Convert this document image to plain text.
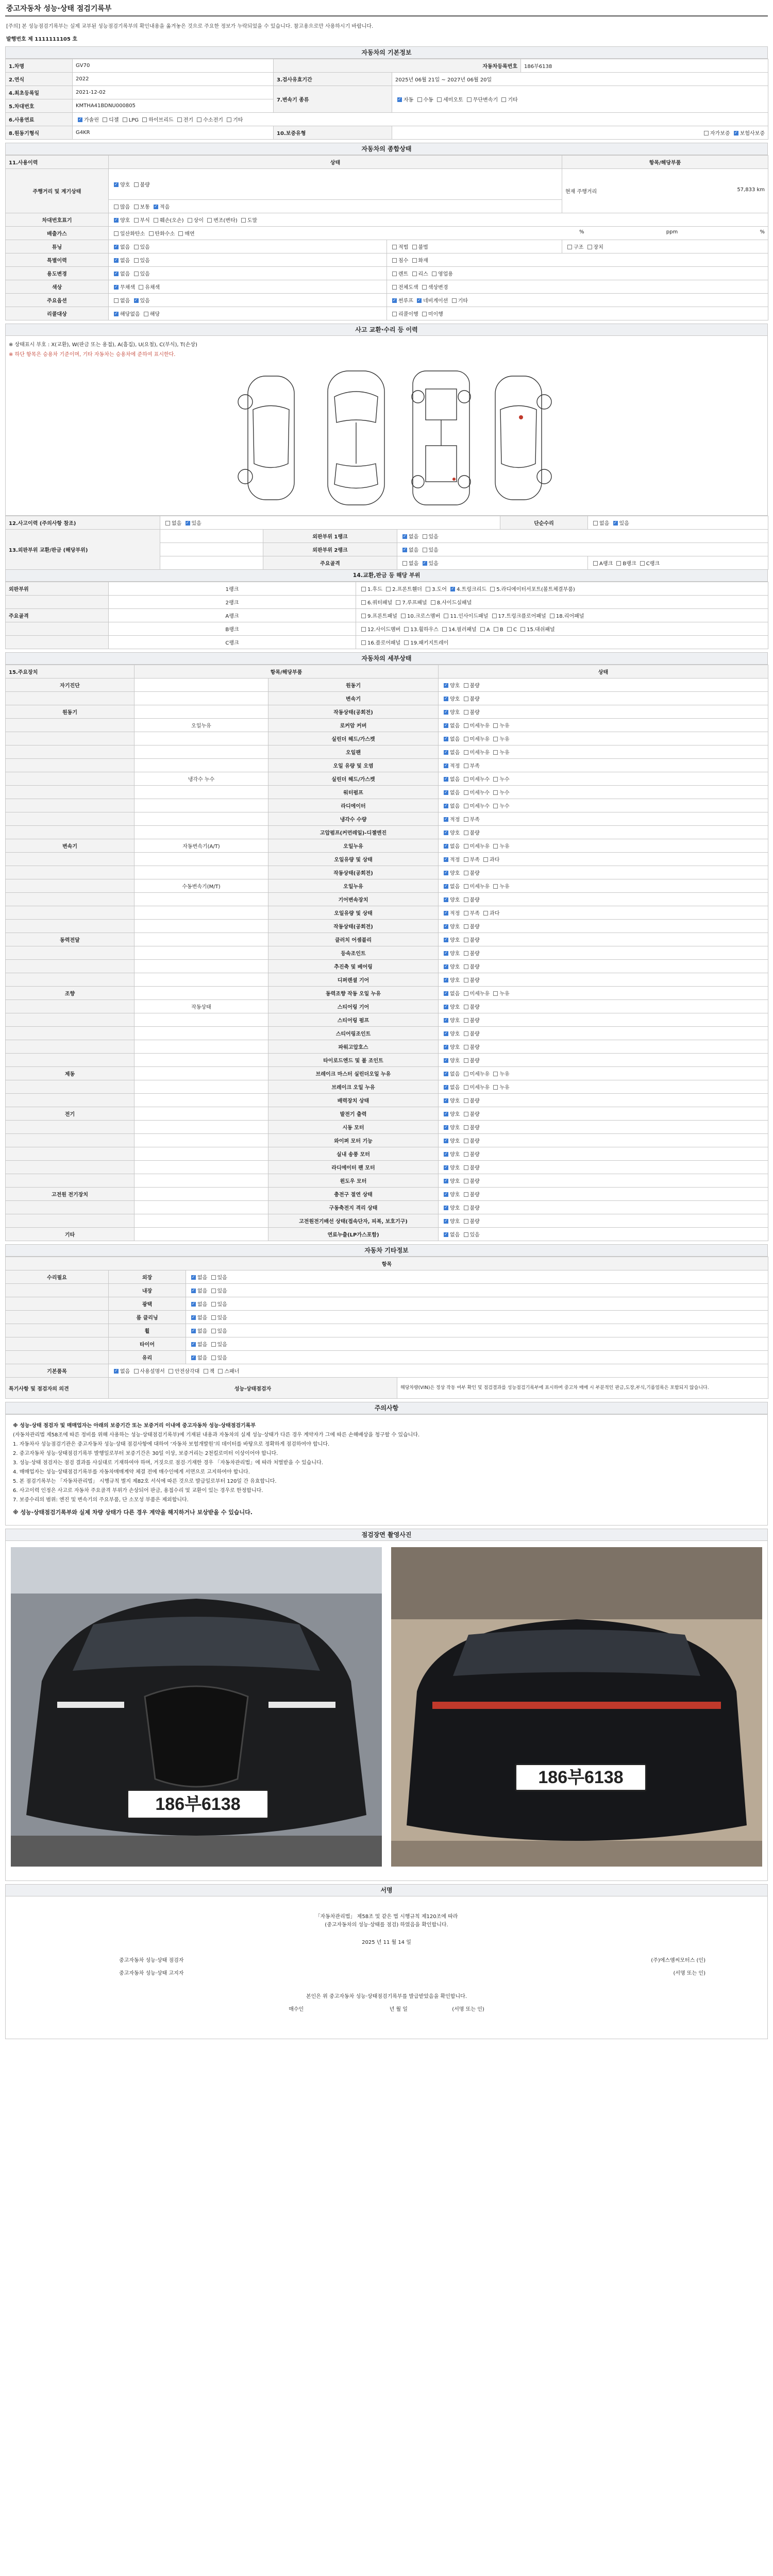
중고자동차 성능·상태 점검기록부
[주의] 본 성능점검기록부는 실제 교부된 성능점검기록부의 확인내용을 옮겨놓은 것으로 주요한 정보가 누락되었을 수 있습니다. 참고용으로만 사용하시기 바랍니다.
발행번호 제 1111111105 호
자동차의 기본정보
1.차명	GV70	자동차등록번호		186부6138
2.연식	2022	3.검사유효기간	2025년 06월 21일 ~ 2027년 06월 20일	
4.최초등록일	2021-12-02	7.변속기 종류	✓자동 수동 세미오토 무단변속기 기타
5.차대번호	KMTHA41BDNU000805			
6.사용연료	✓가솔린 디젤 LPG 하이브리드 전기 수소전기 기타
8.원동기형식	G4KR	10.보증유형	자가보증 ✓ 보험사보증
자동차의 종합상태
11.사용이력	상태		항목/해당부품
주행거리 및 계기상태	✓양호 불량		현재 주행거리 57,833 km

	많음 보통 ✓ 적음
차대번호표기	✓양호 부식 훼손(오손) 상이 변조(변타) 도말
배출가스	일산화탄소 탄화수소 매연 % ppm %		

튜닝	✓없음 있음	적법 불법	구조 장치
특별이력	✓없음 있음	침수 화재	
용도변경	✓없음 있음	렌트 리스 영업용	
색상	✓무채색 유채색	전체도색 색상변경	
주요옵션	없음 ✓ 있음	✓썬루프 ✓ 네비게이션 기타
리콜대상	✓해당없음 해당	리콜이행 미이행	
사고 교환·수리 등 이력
※ 상태표시 부호 : X(교환), W(판금 또는 용접), A(흠집), U(요철), C(부식), T(손상)
※ 하단 항목은 승용차 기준이며, 기타 자동차는 승용차에 준하여 표시한다.
12.사고이력 (주의사항 참조)	없음 ✓ 있음			단순수리	없음 ✓ 있음
13.외판부위 교환/판금 (해당부위)		외판부위 1랭크	✓없음 있음
		외판부위 2랭크	✓없음 있음
		주요골격	없음 ✓ 있음		A랭크 B랭크 C랭크
14.교환,판금 등 해당 부위
외판부위	1랭크	1.후드 2.프론트휀더 3.도어 ✓ 4.트렁크리드 5.라디에이터서포트(볼트체결부품)
	2랭크	6.쿼터패널 7.루프패널 8.사이드실패널
주요골격	A랭크	9.프론트패널 10.크로스멤버 11.인사이드패널 17.트렁크플로어패널 18.리어패널
	B랭크	12.사이드멤버 13.휠하우스 14.필러패널 A B C 15.대쉬패널
	C랭크	16.플로어패널 19.패키지트레이
자동차의 세부상태
15.주요장치	항목/해당부품		상태
자기진단		원동기	✓양호 불량
		변속기	✓양호 불량
원동기		작동상태(공회전)	✓양호 불량
	오일누유	로커암 커버	✓없음 미세누유 누유
		실린더 헤드/가스켓	✓없음 미세누유 누유
		오일팬	✓없음 미세누유 누유
		오일 유량 및 오염	✓적정 부족
	냉각수 누수	실린더 헤드/가스켓	✓없음 미세누수 누수
		워터펌프	✓없음 미세누수 누수
		라디에이터	✓없음 미세누수 누수
		냉각수 수량	✓적정 부족
		고압펌프(커먼레일)-디젤엔진	✓양호 불량
변속기	자동변속기(A/T)	오일누유	✓없음 미세누유 누유
		오일유량 및 상태	✓적정 부족 과다
		작동상태(공회전)	✓양호 불량
	수동변속기(M/T)	오일누유	✓없음 미세누유 누유
		기어변속장치	✓양호 불량
		오일유량 및 상태	✓적정 부족 과다
		작동상태(공회전)	✓양호 불량
동력전달		클러치 어셈블리	✓양호 불량
		등속조인트	✓양호 불량
		추진축 및 베어링	✓양호 불량
		디퍼렌셜 기어	✓양호 불량
조향		동력조향 작동 오일 누유	✓없음 미세누유 누유
	작동상태	스티어링 기어	✓양호 불량
		스티어링 펌프	✓양호 불량
		스티어링조인트	✓양호 불량
		파워고압호스	✓양호 불량
		타이로드엔드 및 볼 조인트	✓양호 불량
제동		브레이크 마스터 실린더오일 누유	✓없음 미세누유 누유
		브레이크 오일 누유	✓없음 미세누유 누유
		배력장치 상태	✓양호 불량
전기		발전기 출력	✓양호 불량
		시동 모터	✓양호 불량
		와이퍼 모터 기능	✓양호 불량
		실내 송풍 모터	✓양호 불량
		라디에이터 팬 모터	✓양호 불량
		윈도우 모터	✓양호 불량
고전원 전기장치		충전구 절연 상태	✓양호 불량
		구동축전지 격리 상태	✓양호 불량
		고전원전기배선 상태(접속단자, 피복, 보호기구)	✓양호 불량
기타		연료누출(LP가스포함)	✓없음 있음
자동차 기타정보
항목			
수리필요	외장	✓없음 있음
	내장	✓없음 있음
	광택	✓없음 있음
	룸 클리닝	✓없음 있음
	휠	✓없음 있음
	타이어	✓없음 있음
	유리	✓없음 있음
기본품목	✓없음 사용설명서 안전삼각대 잭 스패너
특기사항 및 점검자의 의견	성능·상태점검자		해당차량(VIN)은 정상 작동 여부 확인 및 점검결과를 성능점검기록부에 표시하며 중고차 매매 시 부분적인 판금,도장,부식,기름얼룩은 포함되지 않습니다.
주의사항

※ 성능·상태 점검자 및 매매업자는 아래의 보증기간 또는 보증거리 이내에 중고자동차 성능·상태점검기록부

(자동차관리법 제58조에 따른 정비를 위해 사용하는 성능·상태점검기록부)에 기재된 내용과 자동차의 실제 성능·상태가 다른 경우 계약자가 그에 따른 손해배상을 청구할 수 있습니다.

1. 자동차사 성능점검기관은 중고자동차 성능·상태 점검사항에 대하여 ‘자동차 보험개발원’의 데이터를 바탕으로 정확하게 점검하여야 합니다.

2. 중고자동차 성능·상태점검기록부 발행일로부터 보증기간은 30일 이상, 보증거리는 2천킬로미터 이상이어야 합니다.

3. 성능·상태 점검자는 점검 결과를 사실대로 기재하여야 하며, 거짓으로 점검·기재한 경우 「자동차관리법」에 따라 처벌받을 수 있습니다.

4. 매매업자는 성능·상태점검기록부를 자동차매매계약 체결 전에 매수인에게 서면으로 고지하여야 합니다.

5. 본 점검기록부는 「자동차관리법」 시행규칙 별지 제82호 서식에 따른 것으로 발급일로부터 120일 간 유효합니다.

6. 사고이력 인정은 사고로 자동차 주요골격 부위가 손상되어 판금, 용접수리 및 교환이 있는 경우로 한정합니다.

7. 보증수리의 범위: 엔진 및 변속기의 주요부품, 단 소모성 부품은 제외합니다.

※ 성능·상태점검기록부와 실제 차량 상태가 다른 경우 계약을 해지하거나 보상받을 수 있습니다.
점검장면 촬영사진
186부6138
186부6138
서명
「자동차관리법」 제58조 및 같은 법 시행규칙 제120조에 따라
(중고자동차의 성능·상태를 점검) 하였음을 확인합니다.
2025 년 11 월 14 일
중고자동차 성능·상태 점검자	(주)에스엠씨모터스 (인)
중고자동차 성능·상태 고지자	(서명 또는 인)
본인은 위 중고자동차 성능·상태점검기록부를 발급받았음을 확인합니다.
매수인	년 월 일	(서명 또는 인)
